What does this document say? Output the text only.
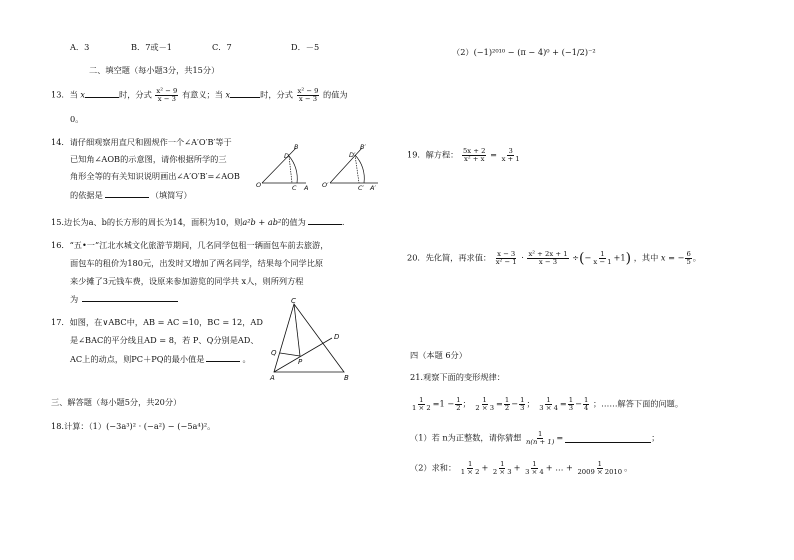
A．3	B．7或－1	C．7	D．－5
二、填空题（每小题3分，共15分）
13．当 x	时，分式 $\frac{\text{x² − 9}}{x - 3}$ 有意义；当 x	时，分式 $\frac{\text{x² − 9}}{x - 3}$ 的值为
0。
14．请仔细观察用直尺和圆规作一个∠A′O′B′等于
已知角∠AOB的示意图，请你根据所学的三
角形全等的有关知识说明画出∠A′O′B′=∠AOB
的依据是	（填简写）
O	A
C
B
D
O′	A′
C′
B′
D′
15.边长为a、b的长方形的周长为14，面积为10，则a²b + ab²的值为	.
16．“五•一”江北水城文化旅游节期间，几名同学包租一辆面包车前去旅游，
面包车的租价为180元，出发时又增加了两名同学，结果每个同学比原
来少摊了3元钱车费，设原来参加游览的同学共 x人，则所列方程
为
17．如图，在∨ABC中，AB = AC =10，BC = 12，AD
是∠BAC的平分线且AD = 8，若 P、Q分别是AD、
AC上的动点，则PC＋PQ的最小值是	。
C
D
Q
P
A	B
三、解答题（每小题5分，共20分）
18.计算：（1）(−3a³)² · (−a²) − (−5a⁴)²。
（2）(−1)²⁰¹⁰ − (π − 4)⁰ + (−1/2)⁻²
19．解方程： $\frac{5x + 2}{\text{x² + x}} = \frac{3}{x + 1}$
20．先化简，再求值： $\frac{x - 3}{\text{x² − 1}} \cdot \frac{\text{x² + 2x + 1}}{x - 3}$ ÷(− $\frac{1}{x - 1} +1$) ，其中 x = − $\frac{6}{5}$ 。
四（本题 6分）
21.观察下面的变形规律：
$\frac{1}{1 \times 2} =1 - \frac{1}{2}$ ； $\frac{1}{2 \times 3} = \frac{1}{2} - \frac{1}{3}$ ； $\frac{1}{3 \times 4} = \frac{1}{3} - \frac{1}{4}$ ；……解答下面的问题。
（1）若 n为正整数，请你猜想 $\frac{1}{n(n + 1)}$ =	；
（2）求和： $\frac{1}{1 \times 2} + \frac{1}{2 \times 3} + \frac{1}{3 \times 4}$ + … + $\frac{1}{2009 \times 2010}$ 。
